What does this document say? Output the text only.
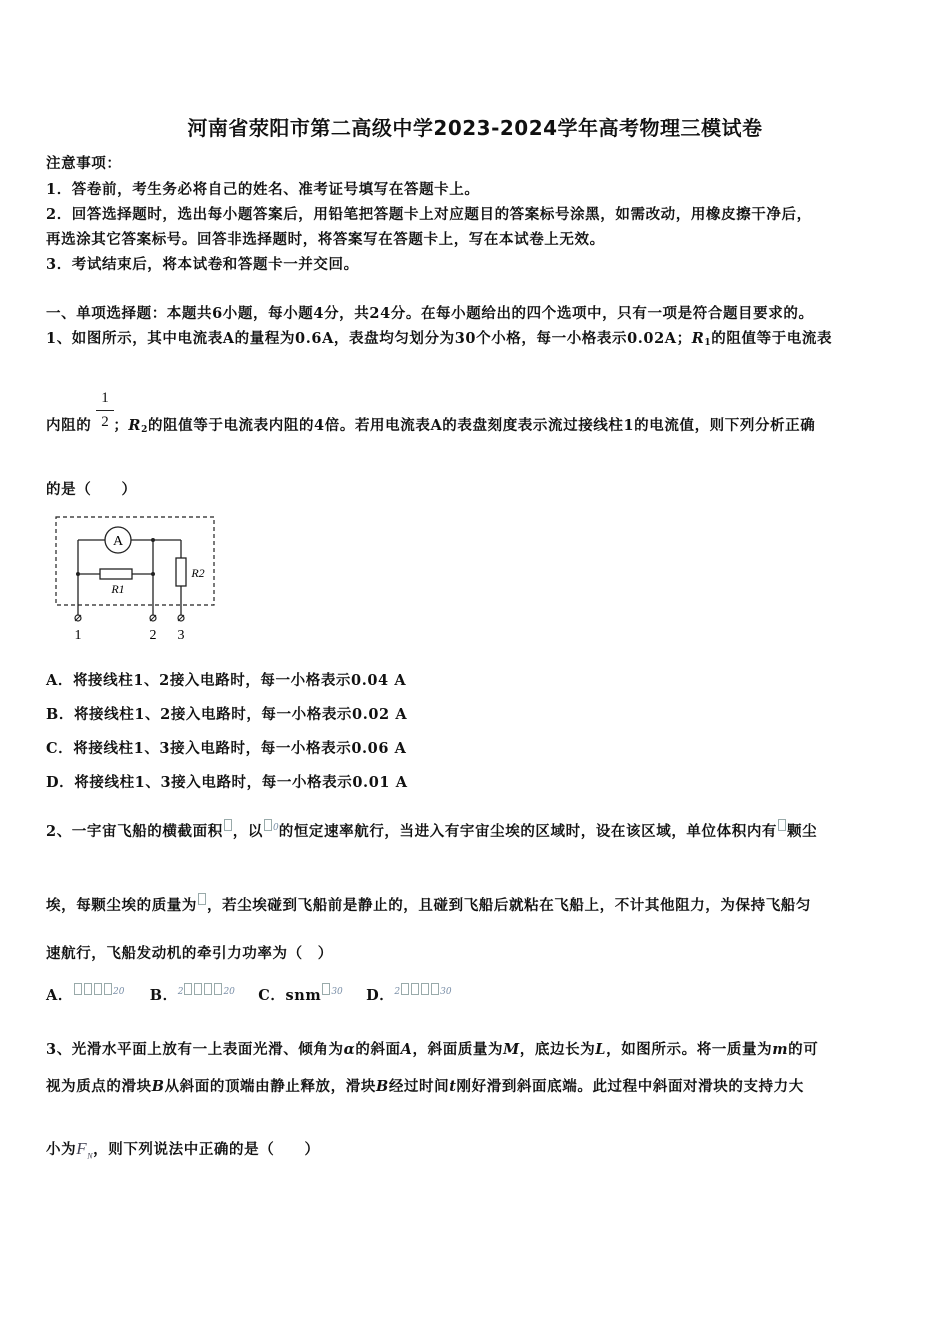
河南省荥阳市第二高级中学2023-2024学年高考物理三模试卷
注意事项：
1．答卷前，考生务必将自己的姓名、准考证号填写在答题卡上。
2．回答选择题时，选出每小题答案后，用铅笔把答题卡上对应题目的答案标号涂黑，如需改动，用橡皮擦干净后，
再选涂其它答案标号。回答非选择题时，将答案写在答题卡上，写在本试卷上无效。
3．考试结束后，将本试卷和答题卡一并交回。
一、单项选择题：本题共6小题，每小题4分，共24分。在每小题给出的四个选项中，只有一项是符合题目要求的。
1、如图所示，其中电流表A的量程为0.6A，表盘均匀划分为30个小格，每一小格表示0.02A；$R_1$的阻值等于电流表
1
2
内阻的 ；$R_2$的阻值等于电流表内阻的4倍。若用电流表A的表盘刻度表示流过接线柱1的电流值，则下列分析正确
的是（　　）
A
R1
R2
1	2 3
A．将接线柱1、2接入电路时，每一小格表示0.04 A
B．将接线柱1、2接入电路时，每一小格表示0.02 A
C．将接线柱1、3接入电路时，每一小格表示0.06 A
D．将接线柱1、3接入电路时，每一小格表示0.01 A
2、一宇宙飞船的横截面积 ，以 0的恒定速率航行，当进入有宇宙尘埃的区域时，设在该区域，单位体积内有 颗尘
埃，每颗尘埃的质量为 ，若尘埃碰到飞船前是静止的，且碰到飞船后就粘在飞船上，不计其他阻力，为保持飞船匀
速航行，飞船发动机的牵引力功率为（　）
A．	20 B．2	20 C．snm 30 D．2	30
3、光滑水平面上放有一上表面光滑、倾角为α的斜面A，斜面质量为M，底边长为L，如图所示。将一质量为m的可
视为质点的滑块B从斜面的顶端由静止释放，滑块B经过时间t刚好滑到斜面底端。此过程中斜面对滑块的支持力大
小为$F_N$，则下列说法中正确的是（　　）
